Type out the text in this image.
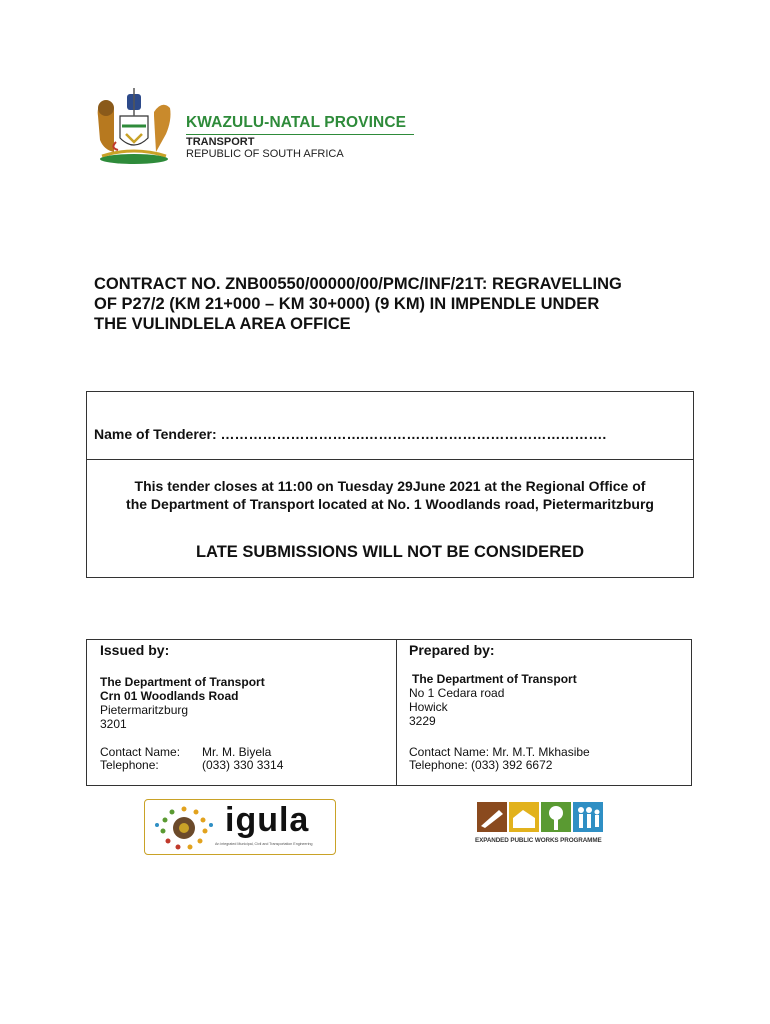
KWAZULU-NATAL PROVINCE
TRANSPORT
REPUBLIC OF SOUTH AFRICA
CONTRACT NO. ZNB00550/00000/00/PMC/INF/21T: REGRAVELLING
OF P27/2 (KM 21+000 – KM 30+000) (9 KM) IN IMPENDLE UNDER
THE VULINDLELA AREA OFFICE
Name of Tenderer: ………………………….…………………………………………….
This tender closes at 11:00 on Tuesday 29June 2021 at the Regional Office of
the Department of Transport located at No. 1 Woodlands road, Pietermaritzburg
LATE SUBMISSIONS WILL NOT BE CONSIDERED
Issued by:
The Department of Transport
Crn 01 Woodlands Road
Pietermaritzburg
3201
Contact Name: Mr. M. Biyela
Telephone:	(033) 330 3314
Prepared by:
The Department of Transport
No 1 Cedara road
Howick
3229
Contact Name: Mr. M.T. Mkhasibe
Telephone: (033) 392 6672
igula
An integrated Municipal, Civil and Transportation Engineering	EXPANDED PUBLIC WORKS PROGRAMME
